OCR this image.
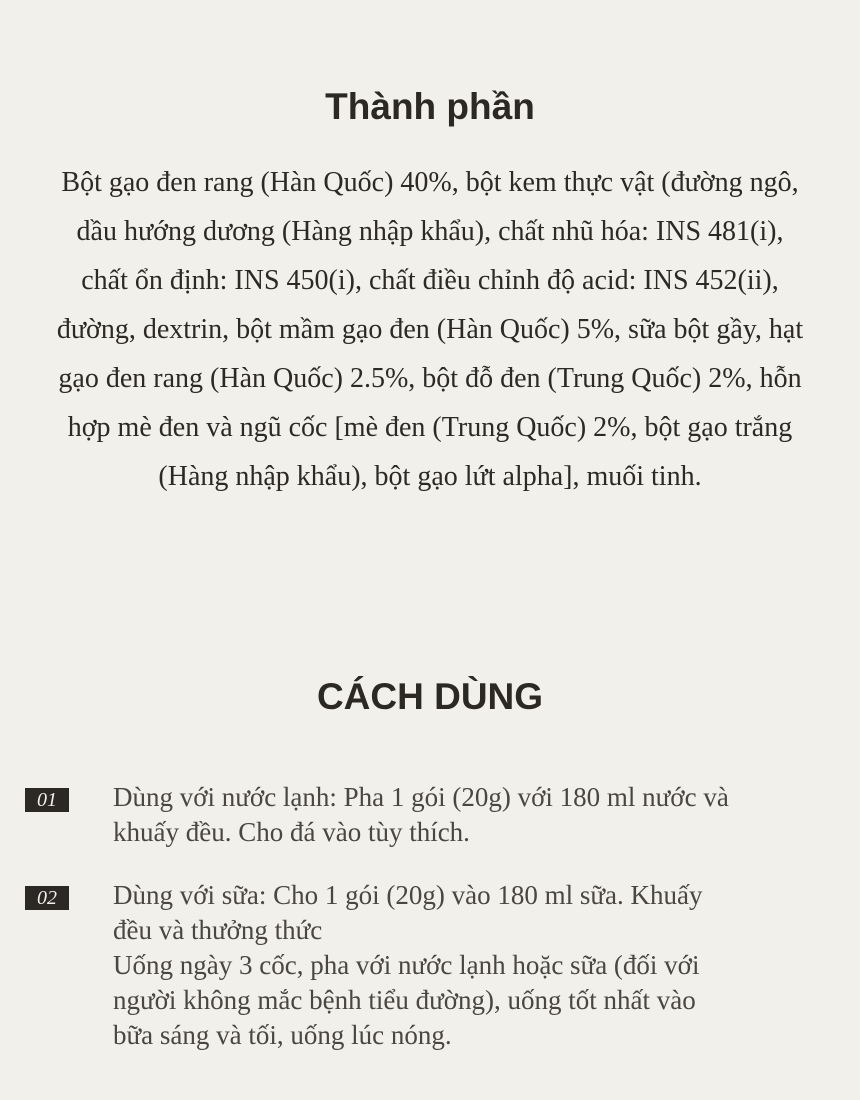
Thành phần

Bột gạo đen rang (Hàn Quốc) 40%, bột kem thực vật (đường ngô,
dầu hướng dương (Hàng nhập khẩu), chất nhũ hóa: INS 481(i),
chất ổn định: INS 450(i), chất điều chỉnh độ acid: INS 452(ii),
đường, dextrin, bột mầm gạo đen (Hàn Quốc) 5%, sữa bột gầy, hạt
gạo đen rang (Hàn Quốc) 2.5%, bột đỗ đen (Trung Quốc) 2%, hỗn
hợp mè đen và ngũ cốc [mè đen (Trung Quốc) 2%, bột gạo trắng
(Hàng nhập khẩu), bột gạo lứt alpha], muối tinh.

CÁCH DÙNG
01	Dùng với nước lạnh: Pha 1 gói (20g) với 180 ml nước và
khuấy đều. Cho đá vào tùy thích.

02	Dùng với sữa: Cho 1 gói (20g) vào 180 ml sữa. Khuấy
đều và thưởng thức
Uống ngày 3 cốc, pha với nước lạnh hoặc sữa (đối với
người không mắc bệnh tiểu đường), uống tốt nhất vào
bữa sáng và tối, uống lúc nóng.
